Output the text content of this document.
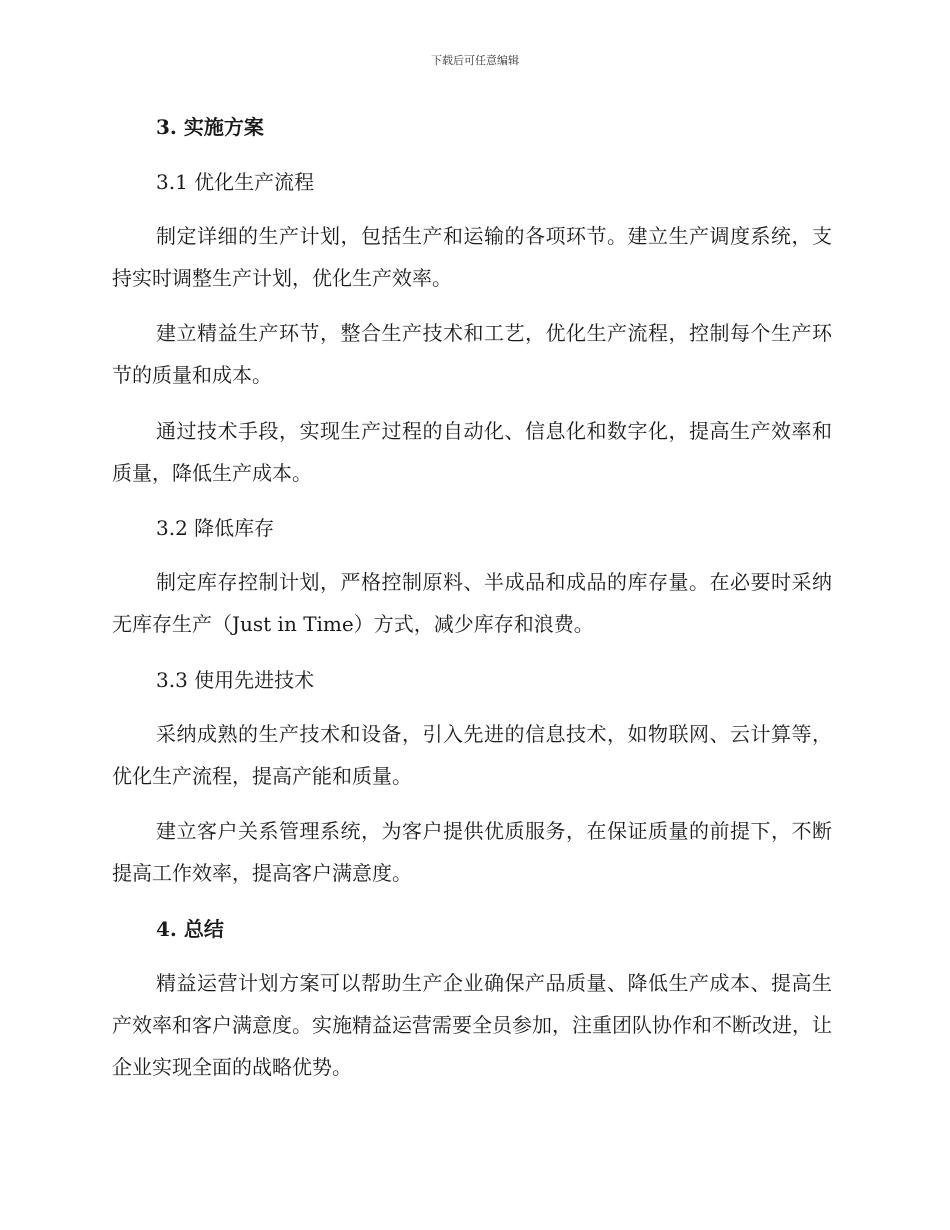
下载后可任意编辑
3. 实施方案
3.1 优化生产流程
制定详细的生产计划，包括生产和运输的各项环节。建立生产调度系统，支持实时调整生产计划，优化生产效率。
建立精益生产环节，整合生产技术和工艺，优化生产流程，控制每个生产环节的质量和成本。
通过技术手段，实现生产过程的自动化、信息化和数字化，提高生产效率和质量，降低生产成本。
3.2 降低库存
制定库存控制计划，严格控制原料、半成品和成品的库存量。在必要时采纳无库存生产（Just in Time）方式，减少库存和浪费。
3.3 使用先进技术
采纳成熟的生产技术和设备，引入先进的信息技术，如物联网、云计算等，优化生产流程，提高产能和质量。
建立客户关系管理系统，为客户提供优质服务，在保证质量的前提下，不断提高工作效率，提高客户满意度。
4. 总结
精益运营计划方案可以帮助生产企业确保产品质量、降低生产成本、提高生产效率和客户满意度。实施精益运营需要全员参加，注重团队协作和不断改进，让企业实现全面的战略优势。
